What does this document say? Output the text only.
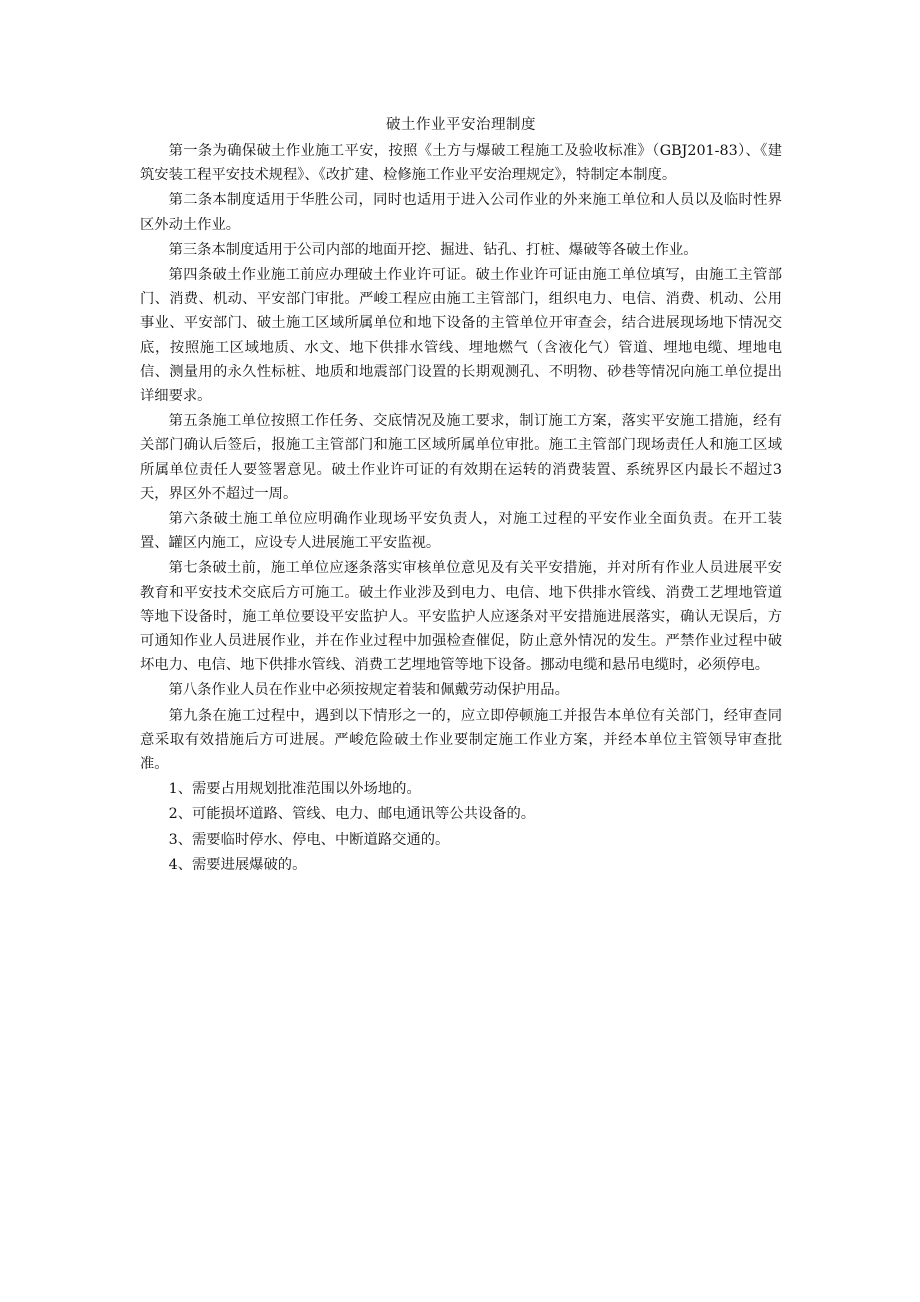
破土作业平安治理制度

第一条为确保破土作业施工平安，按照《土方与爆破工程施工及验收标准》（GBJ201-83）、《建筑安装工程平安技术规程》、《改扩建、检修施工作业平安治理规定》，特制定本制度。

第二条本制度适用于华胜公司，同时也适用于进入公司作业的外来施工单位和人员以及临时性界区外动土作业。

第三条本制度适用于公司内部的地面开挖、掘进、钻孔、打桩、爆破等各破土作业。

第四条破土作业施工前应办理破土作业许可证。破土作业许可证由施工单位填写，由施工主管部门、消费、机动、平安部门审批。严峻工程应由施工主管部门，组织电力、电信、消费、机动、公用事业、平安部门、破土施工区域所属单位和地下设备的主管单位开审查会，结合进展现场地下情况交底，按照施工区域地质、水文、地下供排水管线、埋地燃气（含液化气）管道、埋地电缆、埋地电信、测量用的永久性标桩、地质和地震部门设置的长期观测孔、不明物、砂巷等情况向施工单位提出详细要求。

第五条施工单位按照工作任务、交底情况及施工要求，制订施工方案，落实平安施工措施，经有关部门确认后签后，报施工主管部门和施工区域所属单位审批。施工主管部门现场责任人和施工区域所属单位责任人要签署意见。破土作业许可证的有效期在运转的消费装置、系统界区内最长不超过3天，界区外不超过一周。

第六条破土施工单位应明确作业现场平安负责人，对施工过程的平安作业全面负责。在开工装置、罐区内施工，应设专人进展施工平安监视。

第七条破土前，施工单位应逐条落实审核单位意见及有关平安措施，并对所有作业人员进展平安教育和平安技术交底后方可施工。破土作业涉及到电力、电信、地下供排水管线、消费工艺埋地管道等地下设备时，施工单位要设平安监护人。平安监护人应逐条对平安措施进展落实，确认无误后，方可通知作业人员进展作业，并在作业过程中加强检查催促，防止意外情况的发生。严禁作业过程中破坏电力、电信、地下供排水管线、消费工艺埋地管等地下设备。挪动电缆和悬吊电缆时，必须停电。

第八条作业人员在作业中必须按规定着装和佩戴劳动保护用品。

第九条在施工过程中，遇到以下情形之一的，应立即停顿施工并报告本单位有关部门，经审查同意采取有效措施后方可进展。严峻危险破土作业要制定施工作业方案，并经本单位主管领导审查批准。

1、需要占用规划批准范围以外场地的。

2、可能损坏道路、管线、电力、邮电通讯等公共设备的。

3、需要临时停水、停电、中断道路交通的。

4、需要进展爆破的。
